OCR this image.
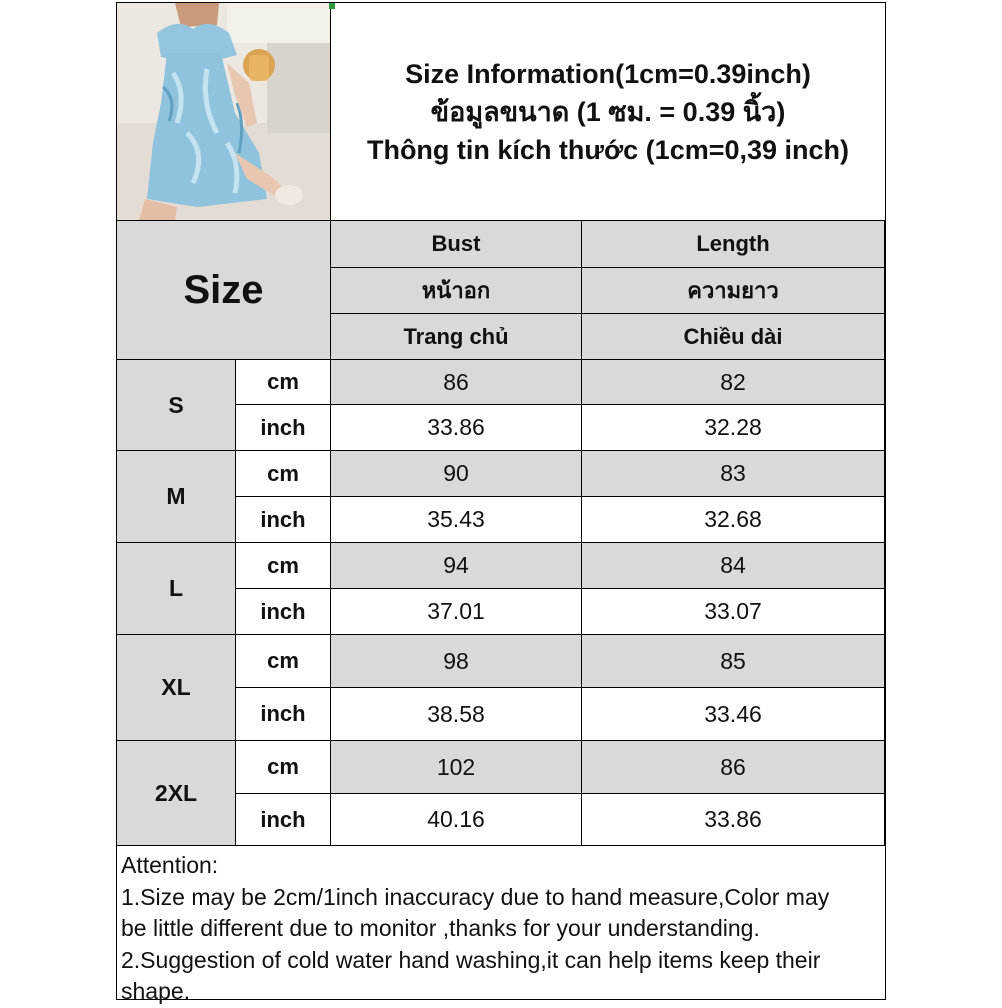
Size Information(1cm=0.39inch)
ข้อมูลขนาด (1 ซม. = 0.39 นิ้ว)
Thông tin kích thước (1cm=0,39 inch)
Size
Bust	Length
หน้าอก	ความยาว
Trang chủ	Chiều dài
S
cm	86	82
inch	33.86	32.28
M
cm	90	83
inch	35.43	32.68
L
cm	94	84
inch	37.01	33.07
XL
cm	98	85
inch	38.58	33.46
2XL
cm	102	86
inch	40.16	33.86
Attention:
1.Size may be 2cm/1inch inaccuracy due to hand measure,Color may
be little different due to monitor ,thanks for your understanding.
2.Suggestion of cold water hand washing,it can help items keep their
shape.
